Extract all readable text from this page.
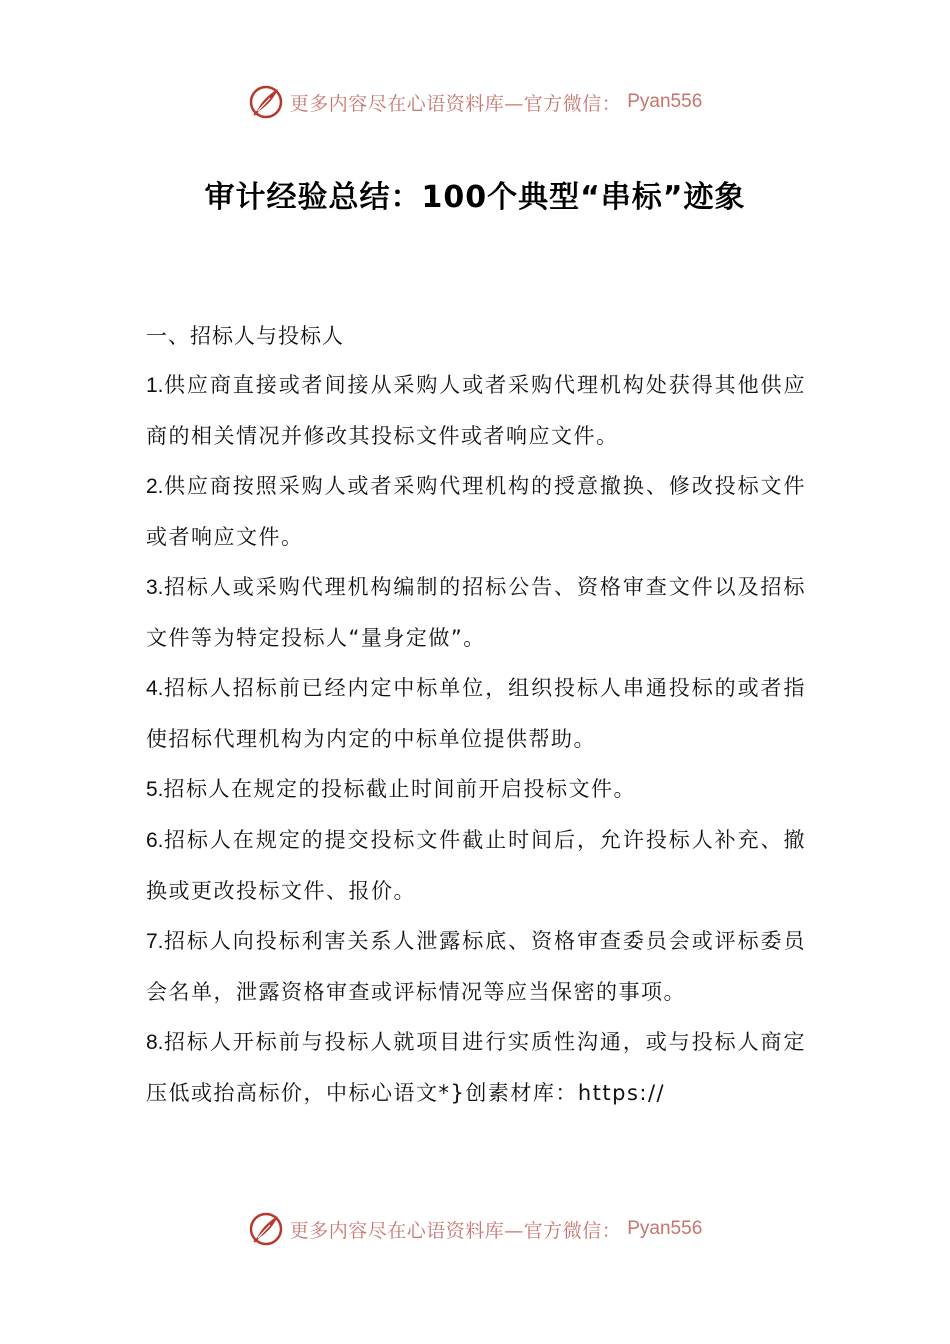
更多内容尽在心语资料库—官方微信： Pyan556
审计经验总结：100个典型“串标”迹象
一、招标人与投标人
1.供应商直接或者间接从采购人或者采购代理机构处获得其他供应商的相关情况并修改其投标文件或者响应文件。
2.供应商按照采购人或者采购代理机构的授意撤换、修改投标文件或者响应文件。
3.招标人或采购代理机构编制的招标公告、资格审查文件以及招标文件等为特定投标人“量身定做”。
4.招标人招标前已经内定中标单位，组织投标人串通投标的或者指使招标代理机构为内定的中标单位提供帮助。
5.招标人在规定的投标截止时间前开启投标文件。
6.招标人在规定的提交投标文件截止时间后，允许投标人补充、撤换或更改投标文件、报价。
7.招标人向投标利害关系人泄露标底、资格审查委员会或评标委员会名单，泄露资格审查或评标情况等应当保密的事项。
8.招标人开标前与投标人就项目进行实质性沟通，或与投标人商定压低或抬高标价，中标心语文*}创素材库：https://
更多内容尽在心语资料库—官方微信： Pyan556
